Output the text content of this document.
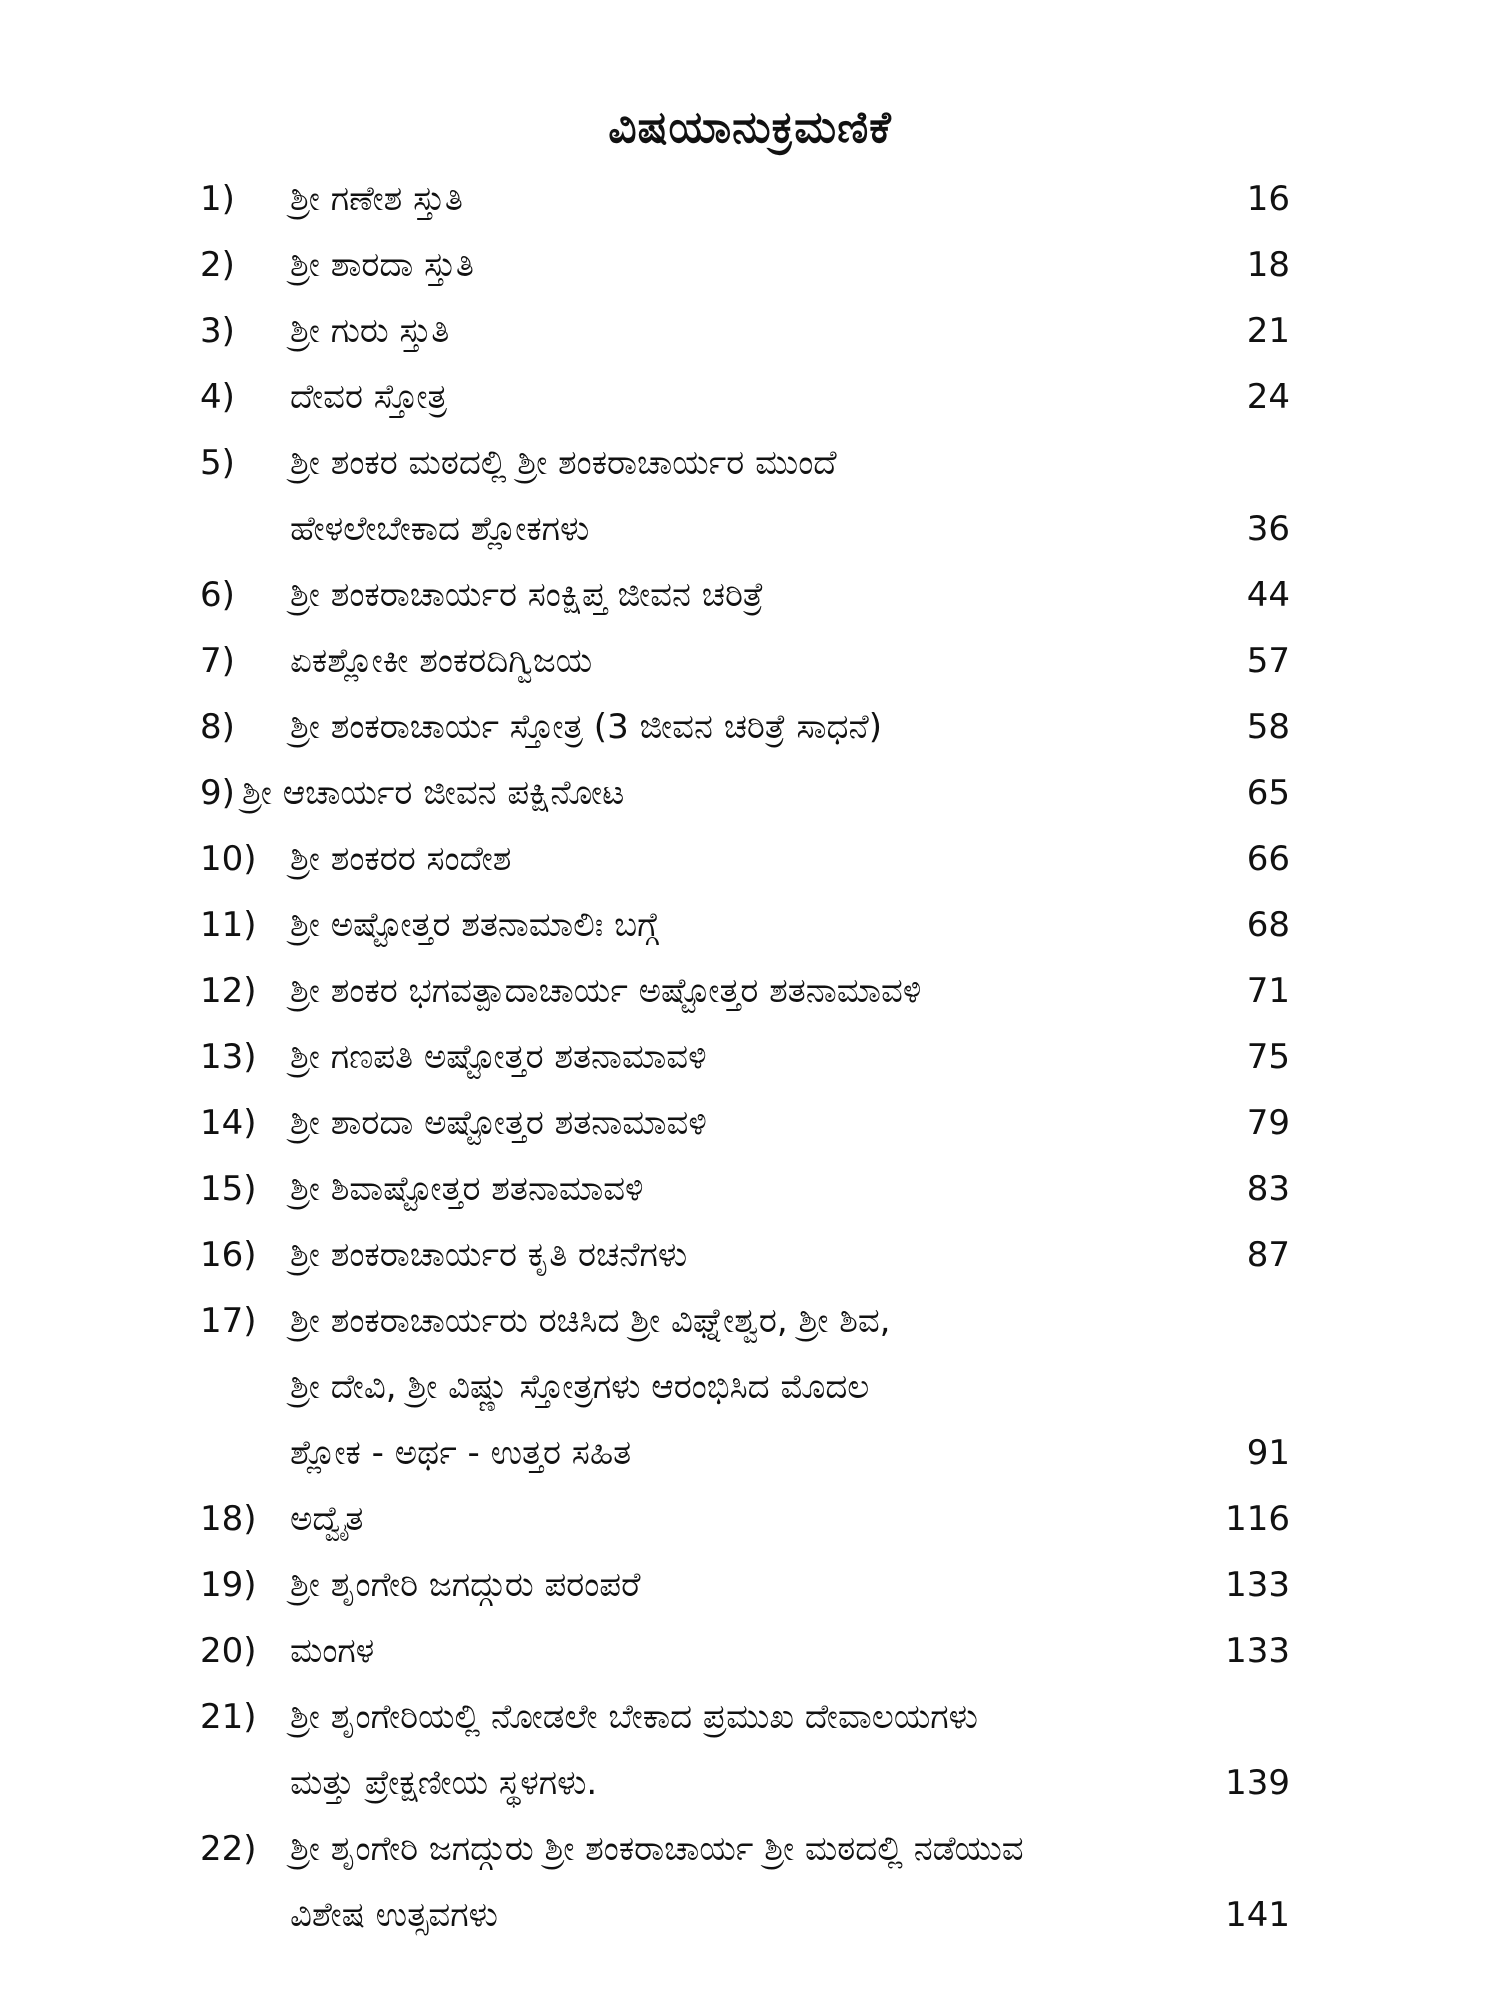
ವಿಷಯಾನುಕ್ರಮಣಿಕೆ
1) ಶ್ರೀ ಗಣೇಶ ಸ್ತುತಿ	16
2) ಶ್ರೀ ಶಾರದಾ ಸ್ತುತಿ	18
3) ಶ್ರೀ ಗುರು ಸ್ತುತಿ	21
4) ದೇವರ ಸ್ತೋತ್ರ	24
5) ಶ್ರೀ ಶಂಕರ ಮಠದಲ್ಲಿ ಶ್ರೀ ಶಂಕರಾಚಾರ್ಯರ ಮುಂದೆ
ಹೇಳಲೇಬೇಕಾದ ಶ್ಲೋಕಗಳು	36
6) ಶ್ರೀ ಶಂಕರಾಚಾರ್ಯರ ಸಂಕ್ಷಿಪ್ತ ಜೀವನ ಚರಿತ್ರೆ	44
7) ಏಕಶ್ಲೋಕೀ ಶಂಕರದಿಗ್ವಿಜಯ	57
8) ಶ್ರೀ ಶಂಕರಾಚಾರ್ಯ ಸ್ತೋತ್ರ (3 ಜೀವನ ಚರಿತ್ರೆ ಸಾಧನೆ)	58
9) ಶ್ರೀ ಆಚಾರ್ಯರ ಜೀವನ ಪಕ್ಷಿನೋಟ	65
10) ಶ್ರೀ ಶಂಕರರ ಸಂದೇಶ	66
11) ಶ್ರೀ ಅಷ್ಟೋತ್ತರ ಶತನಾಮಾಲಿಃ ಬಗ್ಗೆ	68
12) ಶ್ರೀ ಶಂಕರ ಭಗವತ್ಪಾದಾಚಾರ್ಯ ಅಷ್ಟೋತ್ತರ ಶತನಾಮಾವಳಿ	71
13) ಶ್ರೀ ಗಣಪತಿ ಅಷ್ಟೋತ್ತರ ಶತನಾಮಾವಳಿ	75
14) ಶ್ರೀ ಶಾರದಾ ಅಷ್ಟೋತ್ತರ ಶತನಾಮಾವಳಿ	79
15) ಶ್ರೀ ಶಿವಾಷ್ಟೋತ್ತರ ಶತನಾಮಾವಳಿ	83
16) ಶ್ರೀ ಶಂಕರಾಚಾರ್ಯರ ಕೃತಿ ರಚನೆಗಳು	87
17) ಶ್ರೀ ಶಂಕರಾಚಾರ್ಯರು ರಚಿಸಿದ ಶ್ರೀ ವಿಘ್ನೇಶ್ವರ, ಶ್ರೀ ಶಿವ,
ಶ್ರೀ ದೇವಿ, ಶ್ರೀ ವಿಷ್ಣು ಸ್ತೋತ್ರಗಳು ಆರಂಭಿಸಿದ ಮೊದಲ
ಶ್ಲೋಕ - ಅರ್ಥ - ಉತ್ತರ ಸಹಿತ	91
18) ಅದ್ವೈತ	116
19) ಶ್ರೀ ಶೃಂಗೇರಿ ಜಗದ್ಗುರು ಪರಂಪರೆ	133
20) ಮಂಗಳ	133
21) ಶ್ರೀ ಶೃಂಗೇರಿಯಲ್ಲಿ ನೋಡಲೇ ಬೇಕಾದ ಪ್ರಮುಖ ದೇವಾಲಯಗಳು
ಮತ್ತು ಪ್ರೇಕ್ಷಣೀಯ ಸ್ಥಳಗಳು.	139
22) ಶ್ರೀ ಶೃಂಗೇರಿ ಜಗದ್ಗುರು ಶ್ರೀ ಶಂಕರಾಚಾರ್ಯ ಶ್ರೀ ಮಠದಲ್ಲಿ ನಡೆಯುವ
ವಿಶೇಷ ಉತ್ಸವಗಳು	141
